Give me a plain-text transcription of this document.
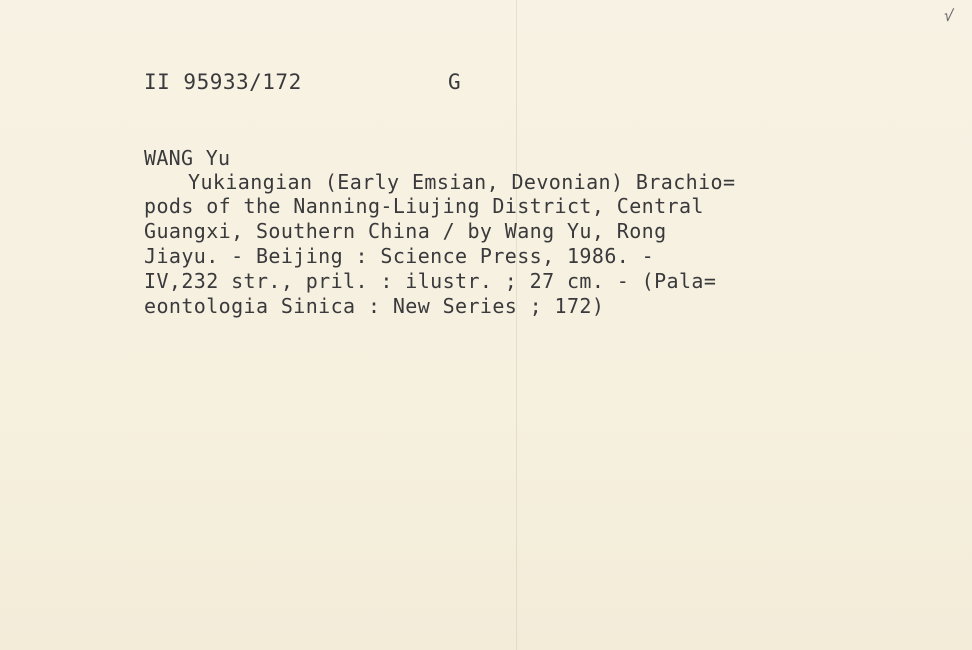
√
II 95933/172	G
WANG Yu
Yukiangian (Early Emsian, Devonian) Brachio=
pods of the Nanning-Liujing District, Central
Guangxi, Southern China / by Wang Yu, Rong
Jiayu. - Beijing : Science Press, 1986. -
IV,232 str., pril. : ilustr. ; 27 cm. - (Pala=
eontologia Sinica : New Series ; 172)
